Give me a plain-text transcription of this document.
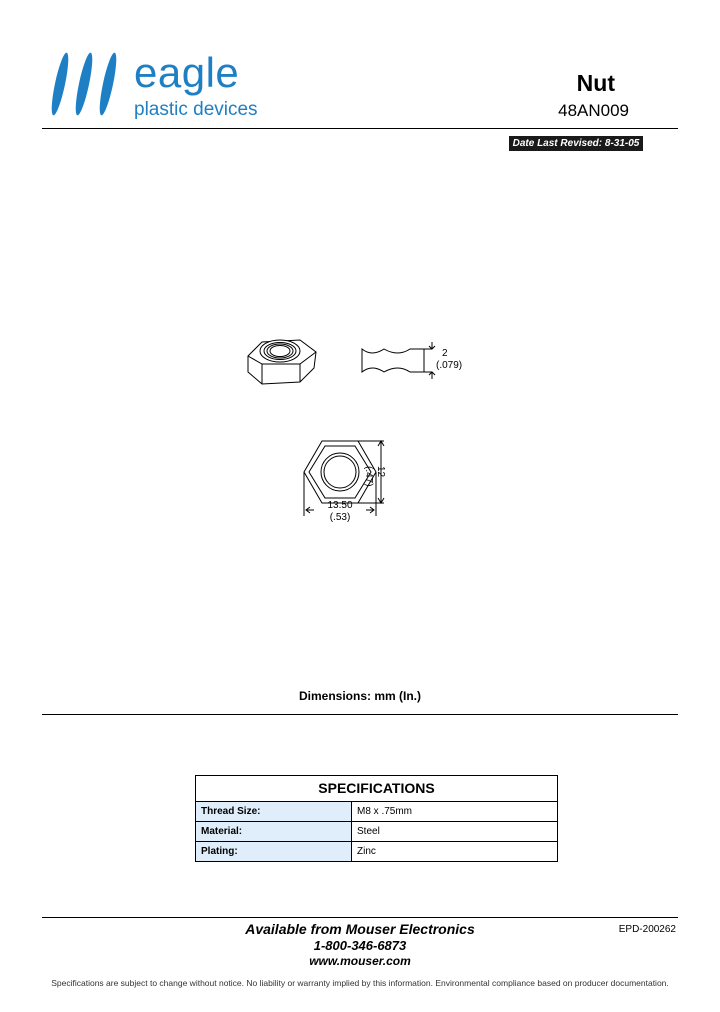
eagle
plastic devices
Nut
48AN009
Date Last Revised: 8-31-05
2
(.079)
12
(.47)
13.50
(.53)
Dimensions: mm (In.)
SPECIFICATIONS
Thread Size:	M8 x .75mm
Material:	Steel
Plating:	Zinc
Available from Mouser Electronics
1-800-346-6873
www.mouser.com
EPD-200262
Specifications are subject to change without notice. No liability or warranty implied by this information. Environmental compliance based on producer documentation.
